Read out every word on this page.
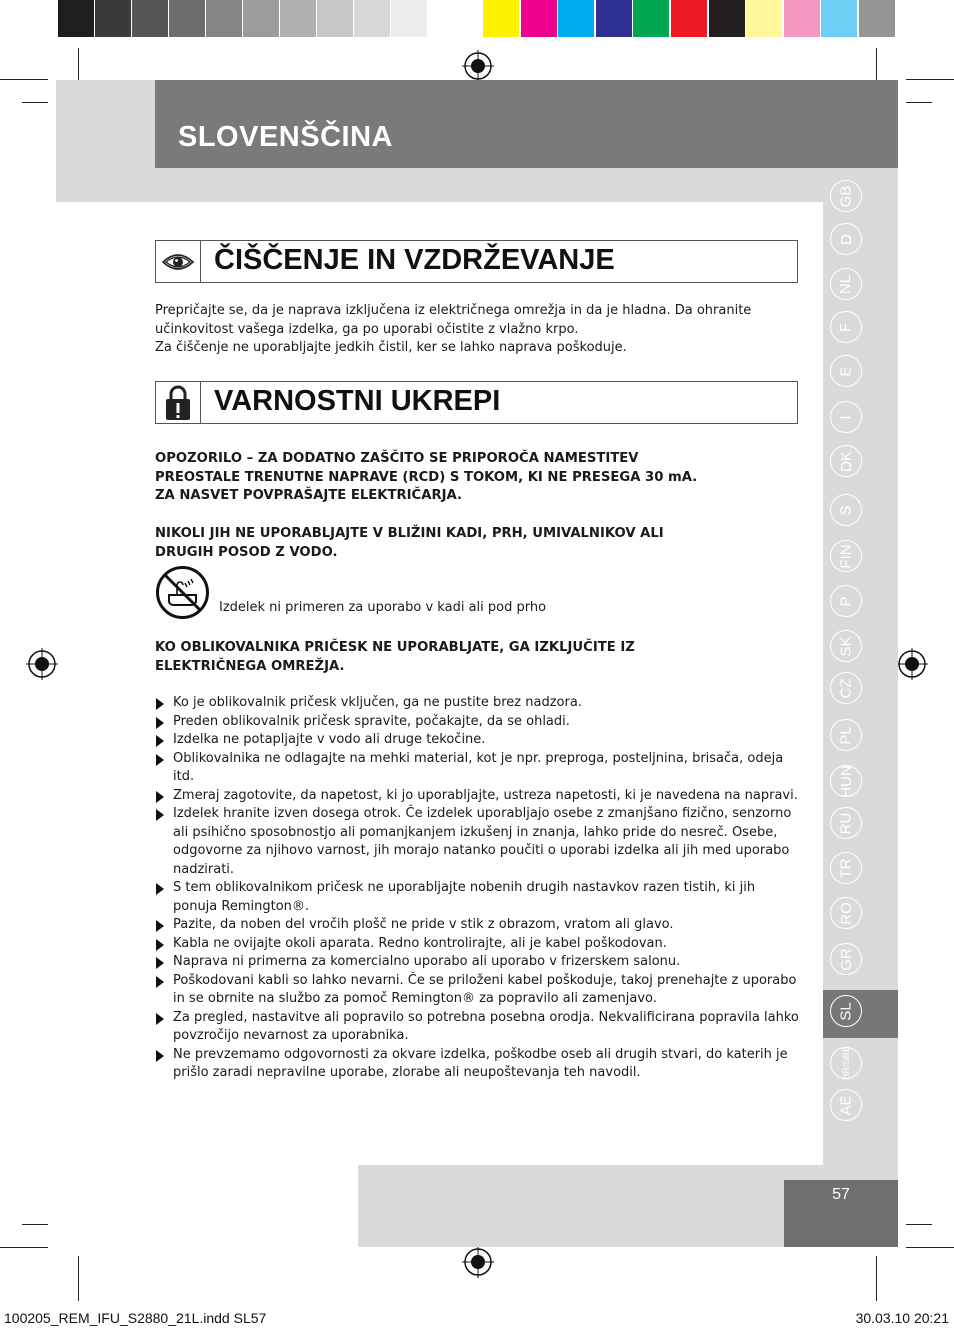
SLOVENŠČINA
GB
D
NL
F
E
I
DK
S
FIN
P
SK
CZ
PL
HUN
RU
TR
RO
GR
SL
HR/SRB
AE
ČIŠČENJE IN VZDRŽEVANJE
Prepričajte se, da je naprava izključena iz električnega omrežja in da je hladna. Da ohranite
učinkovitost vašega izdelka, ga po uporabi očistite z vlažno krpo.
Za čiščenje ne uporabljajte jedkih čistil, ker se lahko naprava poškoduje.
VARNOSTNI UKREPI
OPOZORILO – ZA DODATNO ZAŠČITO SE PRIPOROČA NAMESTITEV
PREOSTALE TRENUTNE NAPRAVE (RCD) S TOKOM, KI NE PRESEGA 30 mA.
ZA NASVET POVPRAŠAJTE ELEKTRIČARJA.
NIKOLI JIH NE UPORABLJAJTE V BLIŽINI KADI, PRH, UMIVALNIKOV ALI
DRUGIH POSOD Z VODO.
Izdelek ni primeren za uporabo v kadi ali pod prho
KO OBLIKOVALNIKA PRIČESK NE UPORABLJATE, GA IZKLJUČITE IZ
ELEKTRIČNEGA OMREŽJA.
Ko je oblikovalnik pričesk vključen, ga ne pustite brez nadzora.
Preden oblikovalnik pričesk spravite, počakajte, da se ohladi.
Izdelka ne potapljajte v vodo ali druge tekočine.
Oblikovalnika ne odlagajte na mehki material, kot je npr. preproga, posteljnina, brisača, odeja itd.
Zmeraj zagotovite, da napetost, ki jo uporabljajte, ustreza napetosti, ki je navedena na napravi.
Izdelek hranite izven dosega otrok. Če izdelek uporabljajo osebe z zmanjšano fizično, senzorno ali psihično sposobnostjo ali pomanjkanjem izkušenj in znanja, lahko pride do nesreč. Osebe, odgovorne za njihovo varnost, jih morajo natanko poučiti o uporabi izdelka ali jih med uporabo nadzirati.
S tem oblikovalnikom pričesk ne uporabljajte nobenih drugih nastavkov razen tistih, ki jih ponuja Remington®.
Pazite, da noben del vročih plošč ne pride v stik z obrazom, vratom ali glavo.
Kabla ne ovijajte okoli aparata. Redno kontrolirajte, ali je kabel poškodovan.
Naprava ni primerna za komercialno uporabo ali uporabo v frizerskem salonu.
Poškodovani kabli so lahko nevarni. Če se priloženi kabel poškoduje, takoj prenehajte z uporabo in se obrnite na službo za pomoč Remington® za popravilo ali zamenjavo.
Za pregled, nastavitve ali popravilo so potrebna posebna orodja. Nekvalificirana popravila lahko povzročijo nevarnost za uporabnika.
Ne prevzemamo odgovornosti za okvare izdelka, poškodbe oseb ali drugih stvari, do katerih je prišlo zaradi nepravilne uporabe, zlorabe ali neupoštevanja teh navodil.
57
100205_REM_IFU_S2880_21L.indd SL57	30.03.10 20:21
